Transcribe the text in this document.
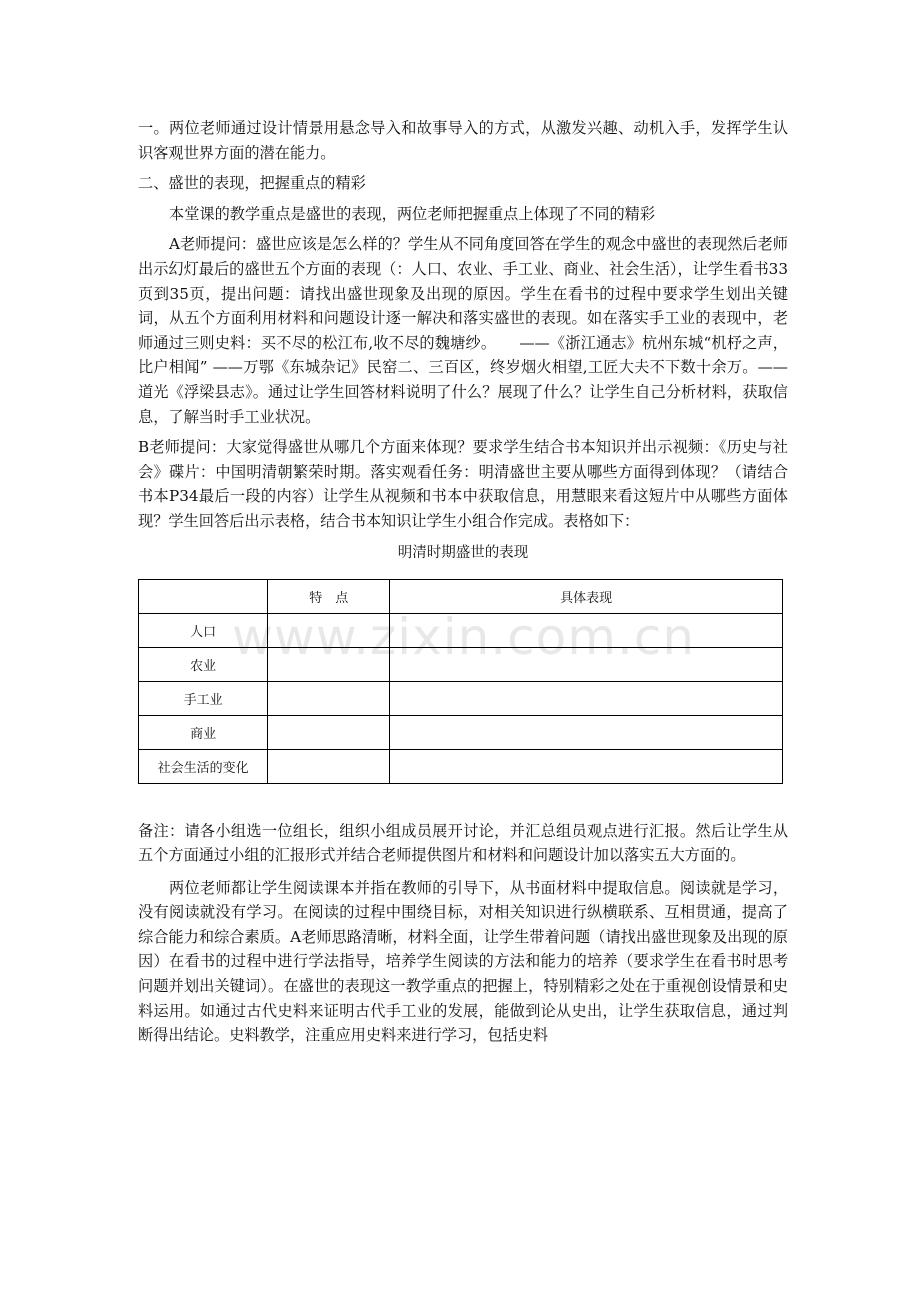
www.zixin.com.cn

一。两位老师通过设计情景用悬念导入和故事导入的方式，从激发兴趣、动机入手，发挥学生认识客观世界方面的潜在能力。

二、盛世的表现，把握重点的精彩

本堂课的教学重点是盛世的表现，两位老师把握重点上体现了不同的精彩

A老师提问：盛世应该是怎么样的？学生从不同角度回答在学生的观念中盛世的表现然后老师出示幻灯最后的盛世五个方面的表现（：人口、农业、手工业、商业、社会生活），让学生看书33页到35页，提出问题：请找出盛世现象及出现的原因。学生在看书的过程中要求学生划出关键词，从五个方面利用材料和问题设计逐一解决和落实盛世的表现。如在落实手工业的表现中，老师通过三则史料：买不尽的松江布,收不尽的魏塘纱。　　——《浙江通志》杭州东城“机杼之声，比户相闻” ——万鄂《东城杂记》民窑二、三百区，终岁烟火相望,工匠大夫不下数十余万。——道光《浮梁县志》。通过让学生回答材料说明了什么？展现了什么？让学生自己分析材料，获取信息，了解当时手工业状况。

B老师提问：大家觉得盛世从哪几个方面来体现？要求学生结合书本知识并出示视频：《历史与社会》碟片：中国明清朝繁荣时期。落实观看任务：明清盛世主要从哪些方面得到体现？（请结合书本P34最后一段的内容）让学生从视频和书本中获取信息，用慧眼来看这短片中从哪些方面体现？学生回答后出示表格，结合书本知识让学生小组合作完成。表格如下：

明清时期盛世的表现
	特　点	具体表现
人口		
农业		
手工业		
商业		
社会生活的变化		

备注：请各小组选一位组长，组织小组成员展开讨论，并汇总组员观点进行汇报。然后让学生从五个方面通过小组的汇报形式并结合老师提供图片和材料和问题设计加以落实五大方面的。

两位老师都让学生阅读课本并指在教师的引导下，从书面材料中提取信息。阅读就是学习，没有阅读就没有学习。在阅读的过程中围绕目标，对相关知识进行纵横联系、互相贯通，提高了综合能力和综合素质。A老师思路清晰，材料全面，让学生带着问题（请找出盛世现象及出现的原因）在看书的过程中进行学法指导，培养学生阅读的方法和能力的培养（要求学生在看书时思考问题并划出关键词）。在盛世的表现这一教学重点的把握上，特别精彩之处在于重视创设情景和史料运用。如通过古代史料来证明古代手工业的发展，能做到论从史出，让学生获取信息，通过判断得出结论。史料教学，注重应用史料来进行学习，包括史料
